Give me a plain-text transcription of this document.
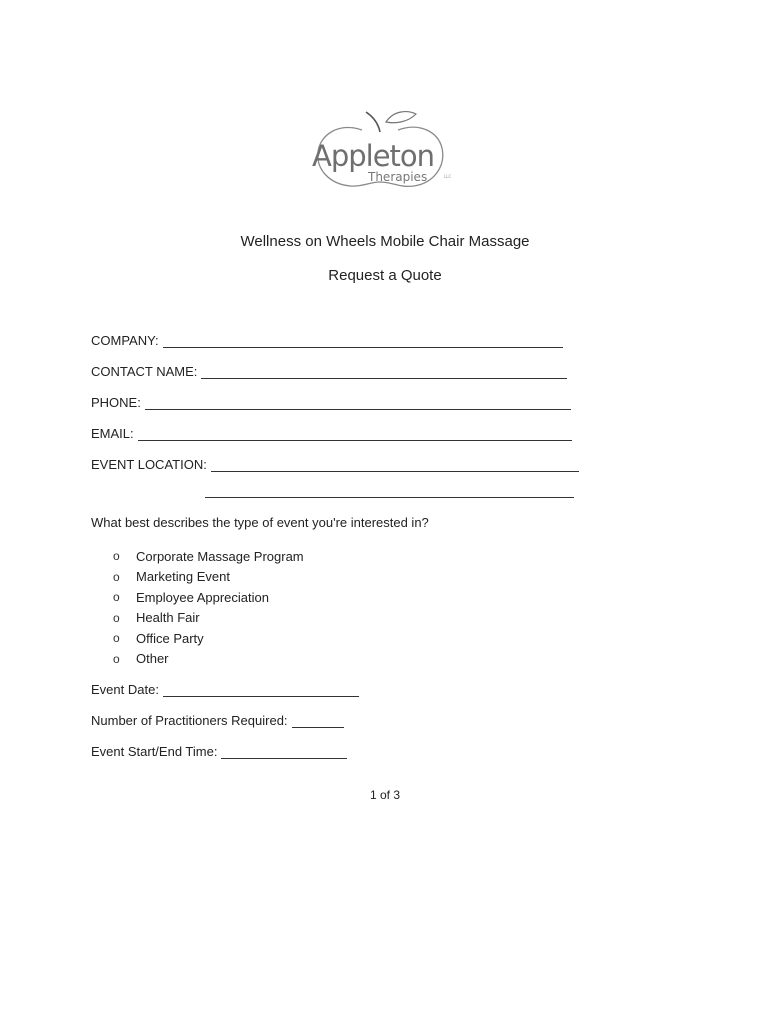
Appleton
Therapies	LLC
Wellness on Wheels Mobile Chair Massage
Request a Quote
COMPANY:
CONTACT NAME:
PHONE:
EMAIL:
EVENT LOCATION:
What best describes the type of event you're interested in?
o	Corporate Massage Program
o	Marketing Event
o	Employee Appreciation
o	Health Fair
o	Office Party
o	Other
Event Date:
Number of Practitioners Required:
Event Start/End Time:
1 of 3
